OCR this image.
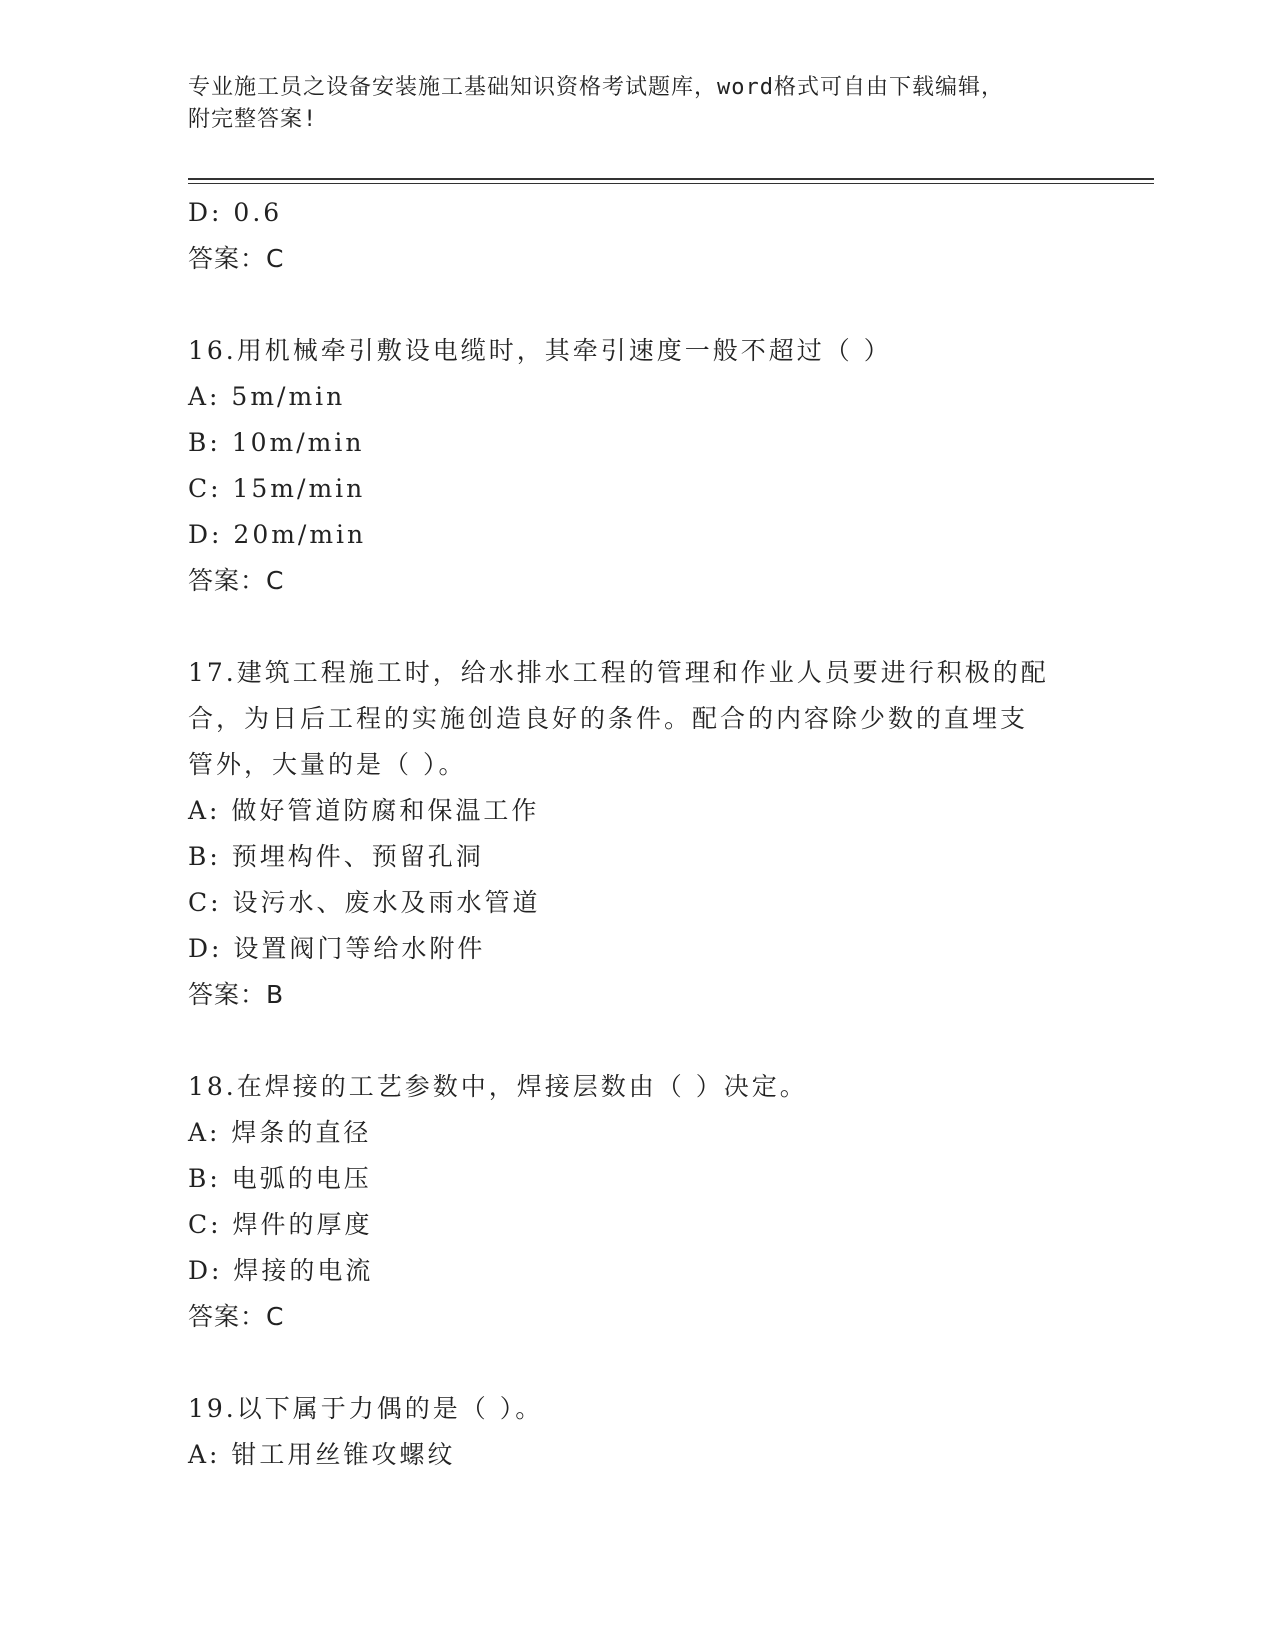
专业施工员之设备安装施工基础知识资格考试题库，word格式可自由下载编辑，
附完整答案!
D: 0.6
答案：C
16.用机械牵引敷设电缆时，其牵引速度一般不超过（ ）
A: 5m/min
B: 10m/min
C: 15m/min
D: 20m/min
答案：C
17.建筑工程施工时，给水排水工程的管理和作业人员要进行积极的配
合，为日后工程的实施创造良好的条件。配合的内容除少数的直埋支
管外，大量的是（ ）。
A: 做好管道防腐和保温工作
B: 预埋构件、预留孔洞
C: 设污水、废水及雨水管道
D: 设置阀门等给水附件
答案：B
18.在焊接的工艺参数中，焊接层数由（ ）决定。
A: 焊条的直径
B: 电弧的电压
C: 焊件的厚度
D: 焊接的电流
答案：C
19.以下属于力偶的是（ ）。
A: 钳工用丝锥攻螺纹
